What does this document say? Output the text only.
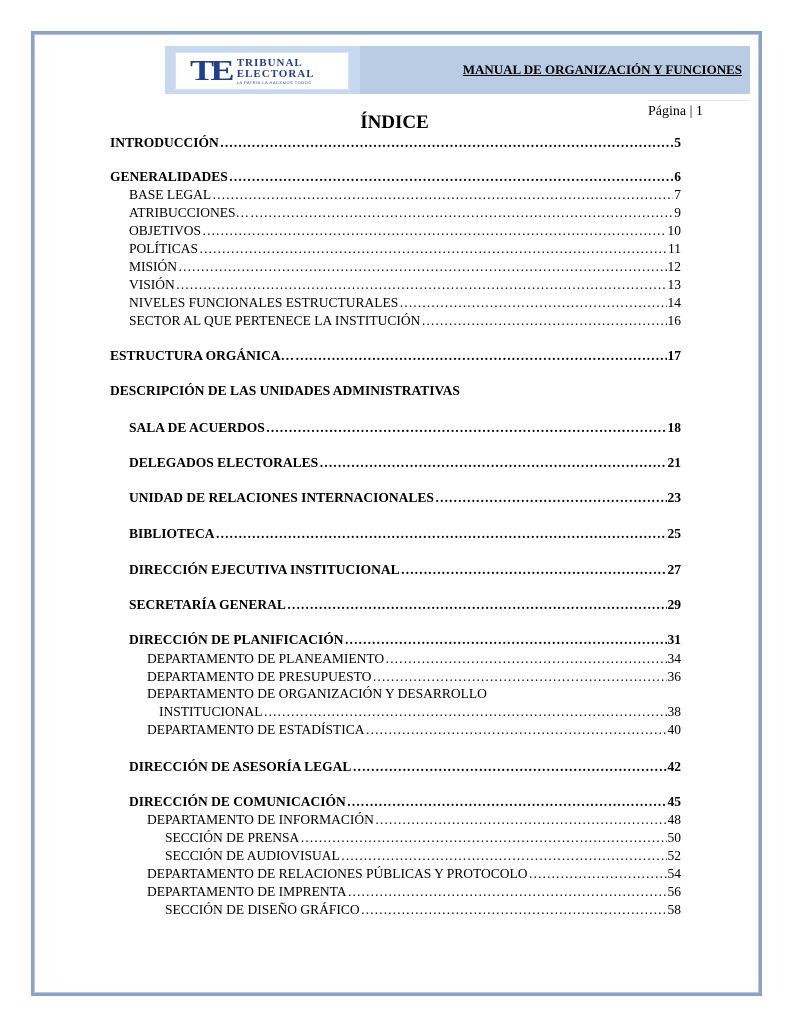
TE TRIBUNAL
ELECTORAL
LA PATRIA LA HACEMOS TODOS
MANUAL DE ORGANIZACIÓN Y FUNCIONES
Página | 1
ÍNDICE
INTRODUCCIÓN ……………………………………………………………………………………………………………………………………………………………………	5
GENERALIDADES ……………………………………………………………………………………………………………………………………………………………………	6
BASE LEGAL ……………………………………………………………………………………………………………………………………………………………………	7
ATRIBUCCIONES… ……………………………………………………………………………………………………………………………………………………………………	9
OBJETIVOS ……………………………………………………………………………………………………………………………………………………………………	10
POLÍTICAS ……………………………………………………………………………………………………………………………………………………………………	11
MISIÓN ……………………………………………………………………………………………………………………………………………………………………	12
VISIÓN ……………………………………………………………………………………………………………………………………………………………………	13
NIVELES FUNCIONALES ESTRUCTURALES ……………………………………………………………………………………………………………………………………………………………………	14
SECTOR AL QUE PERTENECE LA INSTITUCIÓN ……………………………………………………………………………………………………………………………………………………………………	16
ESTRUCTURA ORGÁNICA… ……………………………………………………………………………………………………………………………………………………………………	17
DESCRIPCIÓN DE LAS UNIDADES ADMINISTRATIVAS
SALA DE ACUERDOS ……………………………………………………………………………………………………………………………………………………………………	18
DELEGADOS ELECTORALES ……………………………………………………………………………………………………………………………………………………………………	21
UNIDAD DE RELACIONES INTERNACIONALES ……………………………………………………………………………………………………………………………………………………………………	23
BIBLIOTECA ……………………………………………………………………………………………………………………………………………………………………	25
DIRECCIÓN EJECUTIVA INSTITUCIONAL ……………………………………………………………………………………………………………………………………………………………………	27
SECRETARÍA GENERAL ……………………………………………………………………………………………………………………………………………………………………	29
DIRECCIÓN DE PLANIFICACIÓN ……………………………………………………………………………………………………………………………………………………………………	31
DEPARTAMENTO DE PLANEAMIENTO ……………………………………………………………………………………………………………………………………………………………………	34
DEPARTAMENTO DE PRESUPUESTO ……………………………………………………………………………………………………………………………………………………………………	36
DEPARTAMENTO DE ORGANIZACIÓN Y DESARROLLO
INSTITUCIONAL ……………………………………………………………………………………………………………………………………………………………………	38
DEPARTAMENTO DE ESTADÍSTICA ……………………………………………………………………………………………………………………………………………………………………	40
DIRECCIÓN DE ASESORÍA LEGAL ……………………………………………………………………………………………………………………………………………………………………	42
DIRECCIÓN DE COMUNICACIÓN ……………………………………………………………………………………………………………………………………………………………………	45
DEPARTAMENTO DE INFORMACIÓN ……………………………………………………………………………………………………………………………………………………………………	48
SECCIÓN DE PRENSA ……………………………………………………………………………………………………………………………………………………………………	50
SECCIÓN DE AUDIOVISUAL ……………………………………………………………………………………………………………………………………………………………………	52
DEPARTAMENTO DE RELACIONES PÚBLICAS Y PROTOCOLO ……………………………………………………………………………………………………………………………………………………………………	54
DEPARTAMENTO DE IMPRENTA ……………………………………………………………………………………………………………………………………………………………………	56
SECCIÓN DE DISEÑO GRÁFICO ……………………………………………………………………………………………………………………………………………………………………	58
